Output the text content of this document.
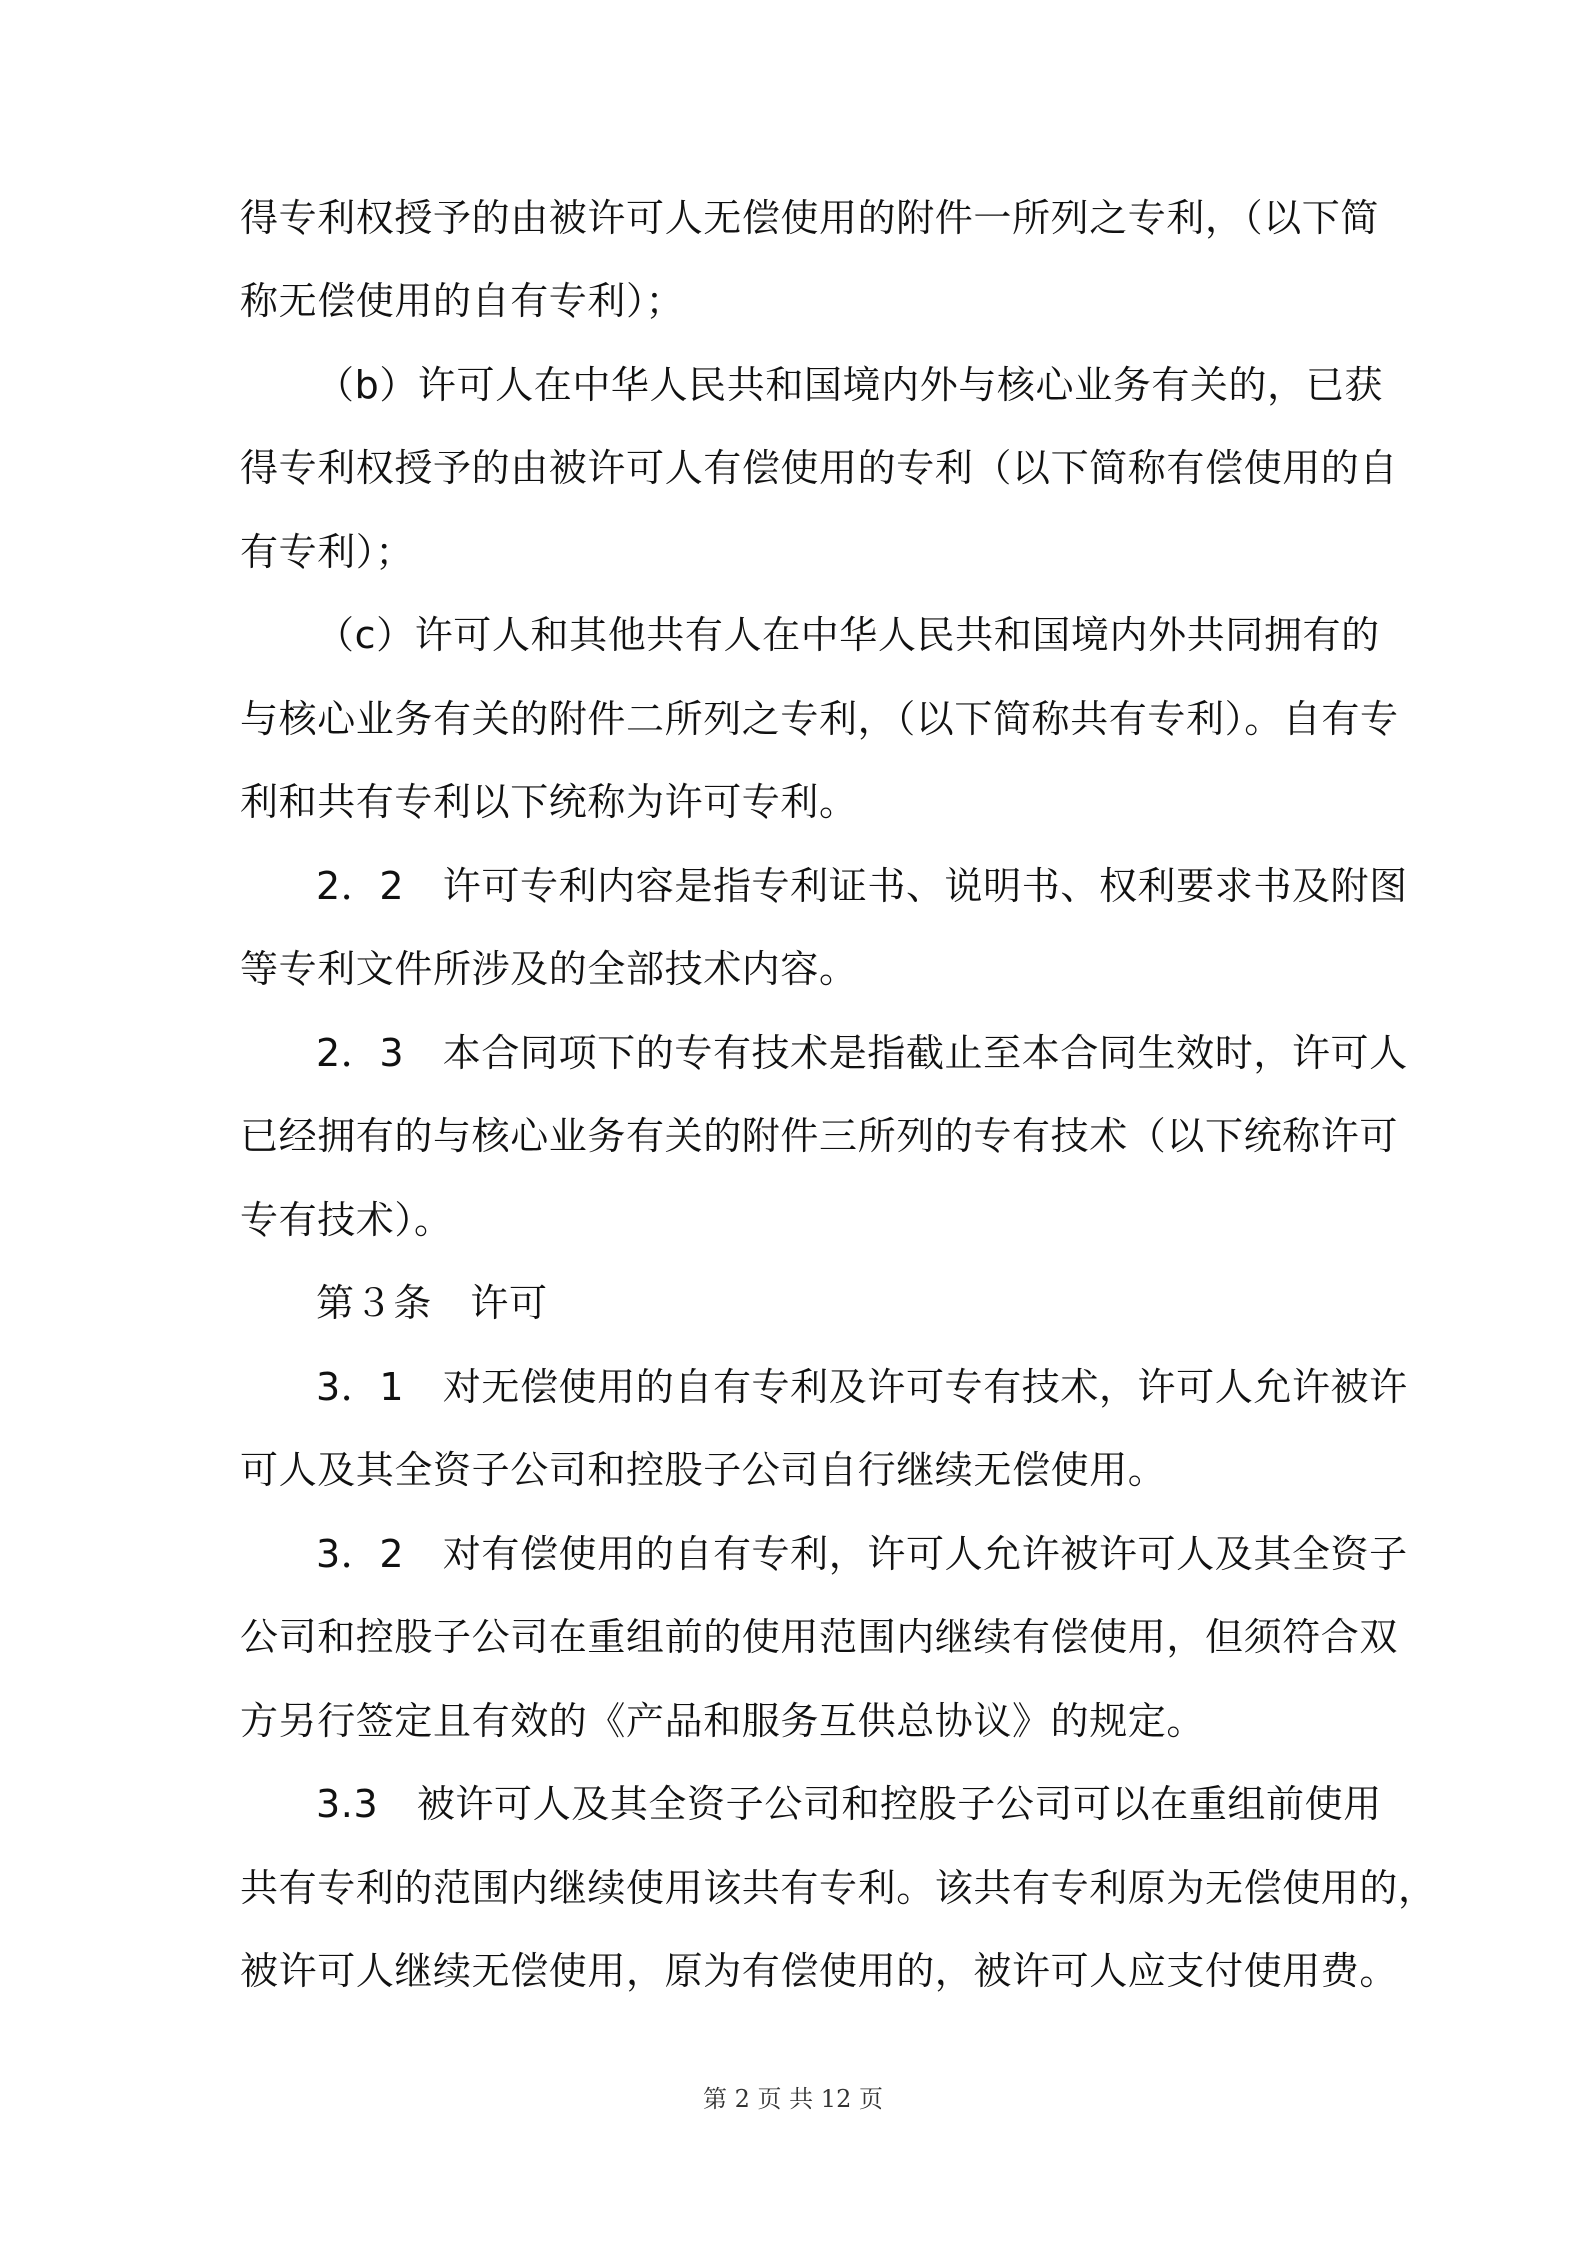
得专利权授予的由被许可人无偿使用的附件一所列之专利，（以下简
称无偿使用的自有专利）；
（b）许可人在中华人民共和国境内外与核心业务有关的，已获
得专利权授予的由被许可人有偿使用的专利（以下简称有偿使用的自
有专利）；
（c）许可人和其他共有人在中华人民共和国境内外共同拥有的
与核心业务有关的附件二所列之专利，（以下简称共有专利）。自有专
利和共有专利以下统称为许可专利。
2．2　许可专利内容是指专利证书、说明书、权利要求书及附图
等专利文件所涉及的全部技术内容。
2．3　本合同项下的专有技术是指截止至本合同生效时，许可人
已经拥有的与核心业务有关的附件三所列的专有技术（以下统称许可
专有技术）。
第３条　许可
3．1　对无偿使用的自有专利及许可专有技术，许可人允许被许
可人及其全资子公司和控股子公司自行继续无偿使用。
3．2　对有偿使用的自有专利，许可人允许被许可人及其全资子
公司和控股子公司在重组前的使用范围内继续有偿使用，但须符合双
方另行签定且有效的《产品和服务互供总协议》的规定。
3.3　被许可人及其全资子公司和控股子公司可以在重组前使用
共有专利的范围内继续使用该共有专利。该共有专利原为无偿使用的，
被许可人继续无偿使用，原为有偿使用的，被许可人应支付使用费。
第 2 页 共 12 页
